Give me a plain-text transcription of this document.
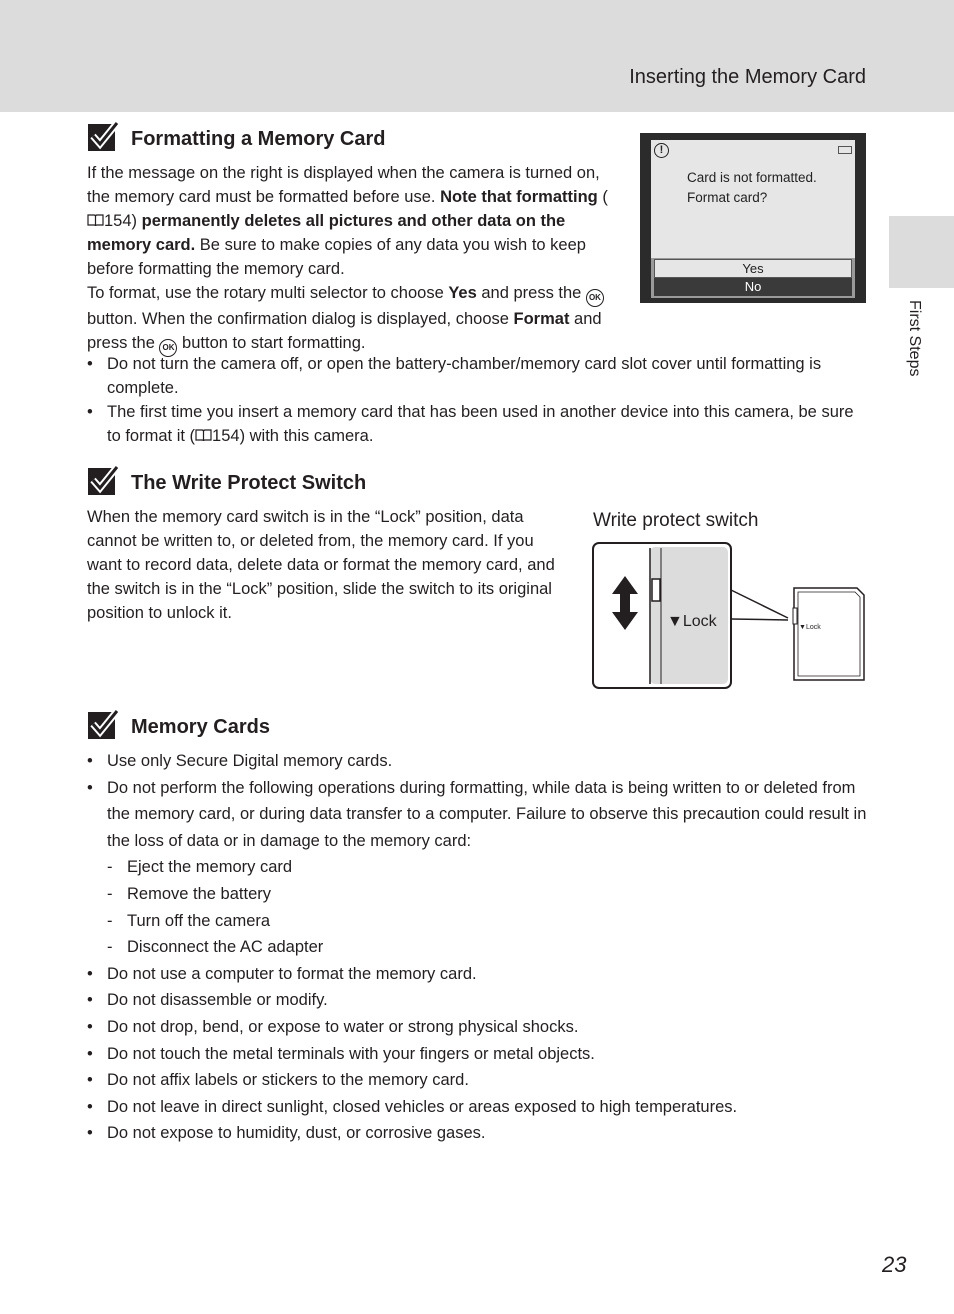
Inserting the Memory Card
First Steps
Formatting a Memory Card
If the message on the right is displayed when the camera is turned on, the memory card must be formatted before use. Note that formatting (154) permanently deletes all pictures and other data on the memory card. Be sure to make copies of any data you wish to keep before formatting the memory card.
To format, use the rotary multi selector to choose Yes and press the OK button. When the confirmation dialog is displayed, choose Format and press the OK button to start formatting.
• Do not turn the camera off, or open the battery-chamber/memory card slot cover until formatting is complete.
• The first time you insert a memory card that has been used in another device into this camera, be sure to format it ( 154) with this camera.
!
Card is not formatted.
Format card?
Yes
No
The Write Protect Switch
When the memory card switch is in the “Lock” position, data cannot be written to, or deleted from, the memory card. If you want to record data, delete data or format the memory card, and the switch is in the “Lock” position, slide the switch to its original position to unlock it.
Write protect switch
▼Lock	▼Lock
Memory Cards
• Use only Secure Digital memory cards.
• Do not perform the following operations during formatting, while data is being written to or deleted from the memory card, or during data transfer to a computer. Failure to observe this precaution could result in the loss of data or in damage to the memory card:
- Eject the memory card
- Remove the battery
- Turn off the camera
- Disconnect the AC adapter
• Do not use a computer to format the memory card.
• Do not disassemble or modify.
• Do not drop, bend, or expose to water or strong physical shocks.
• Do not touch the metal terminals with your fingers or metal objects.
• Do not affix labels or stickers to the memory card.
• Do not leave in direct sunlight, closed vehicles or areas exposed to high temperatures.
• Do not expose to humidity, dust, or corrosive gases.
23
